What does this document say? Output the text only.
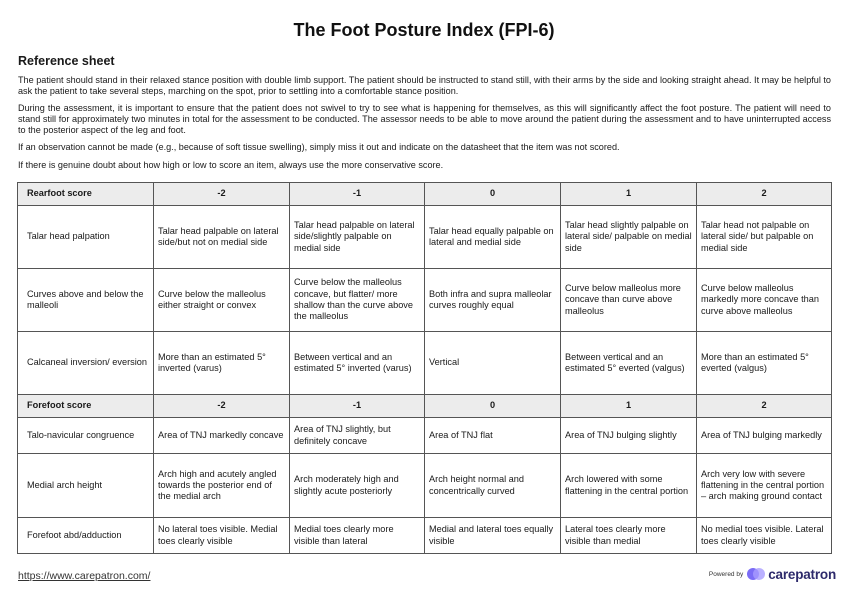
The Foot Posture Index (FPI-6)
Reference sheet

The patient should stand in their relaxed stance position with double limb support. The patient should be instructed to stand still, with their arms by the side and looking straight ahead. It may be helpful to ask the patient to take several steps, marching on the spot, prior to settling into a comfortable stance position.

During the assessment, it is important to ensure that the patient does not swivel to try to see what is happening for themselves, as this will significantly affect the foot posture. The patient will need to stand still for approximately two minutes in total for the assessment to be conducted. The assessor needs to be able to move around the patient during the assessment and to have uninterrupted access to the posterior aspect of the leg and foot.

If an observation cannot be made (e.g., because of soft tissue swelling), simply miss it out and indicate on the datasheet that the item was not scored.

If there is genuine doubt about how high or low to score an item, always use the more conservative score.

Rearfoot score	-2	-1	0	1	2
Talar head palpation	Talar head palpable on lateral side/but not on medial side	Talar head palpable on lateral side/slightly palpable on medial side	Talar head equally palpable on lateral and medial side	Talar head slightly palpable on lateral side/ palpable on medial side	Talar head not palpable on lateral side/ but palpable on medial side
Curves above and below the malleoli	Curve below the malleolus either straight or convex	Curve below the malleolus concave, but flatter/ more shallow than the curve above the malleolus	Both infra and supra malleolar curves roughly equal	Curve below malleolus more concave than curve above malleolus	Curve below malleolus markedly more concave than curve above malleolus
Calcaneal inversion/ eversion	More than an estimated 5° inverted (varus)	Between vertical and an estimated 5° inverted (varus)	Vertical	Between vertical and an estimated 5° everted (valgus)	More than an estimated 5° everted (valgus)
Forefoot score	-2	-1	0	1	2
Talo-navicular congruence	Area of TNJ markedly concave	Area of TNJ slightly, but definitely concave	Area of TNJ flat	Area of TNJ bulging slightly	Area of TNJ bulging markedly
Medial arch height	Arch high and acutely angled towards the posterior end of the medial arch	Arch moderately high and slightly acute posteriorly	Arch height normal and concentrically curved	Arch lowered with some flattening in the central portion	Arch very low with severe flattening in the central portion – arch making ground contact
Forefoot abd/adduction	No lateral toes visible. Medial toes clearly visible	Medial toes clearly more visible than lateral	Medial and lateral toes equally visible	Lateral toes clearly more visible than medial	No medial toes visible. Lateral toes clearly visible
https://www.carepatron.com/	Powered by carepatron
